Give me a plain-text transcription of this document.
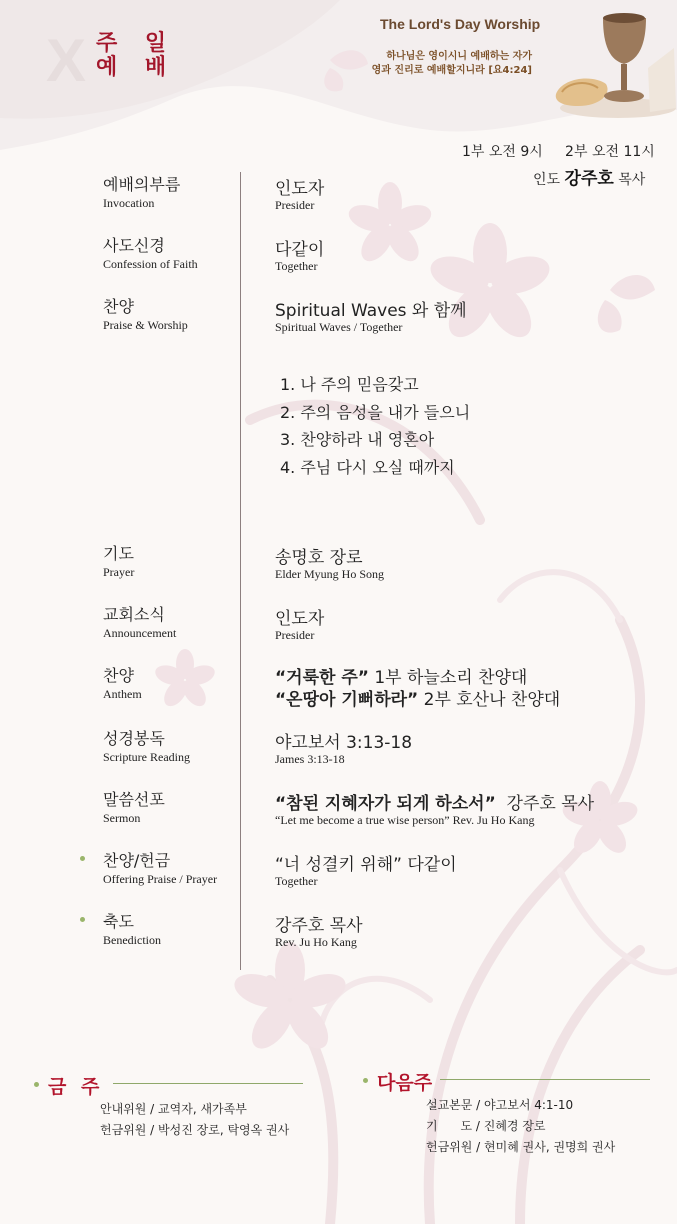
X 주 일
예 배
The Lord's Day Worship
하나님은 영이시니 예배하는 자가
영과 진리로 예배할지니라 [요4:24]
1부 오전 9시     2부 오전 11시
인도 강주호 목사
예배의부름
Invocation
인도자
Presider
사도신경
Confession of Faith
다같이
Together
찬양
Praise & Worship
Spiritual Waves 와 함께
Spiritual Waves / Together
1. 나 주의 믿음갖고
2. 주의 음성을 내가 들으니
3. 찬양하라 내 영혼아
4. 주님 다시 오실 때까지
기도
Prayer
송명호 장로
Elder Myung Ho Song
교회소식
Announcement
인도자
Presider
찬양
Anthem
“거룩한 주” 1부 하늘소리 찬양대
“온땅아 기뻐하라” 2부 호산나 찬양대
성경봉독
Scripture Reading
야고보서 3:13-18
James 3:13-18
말씀선포
Sermon
“참된 지혜자가 되게 하소서”  강주호 목사
“Let me become a true wise person” Rev. Ju Ho Kang
찬양/헌금
Offering Praise / Prayer
“너 성결키 위해” 다같이
Together
축도
Benediction
강주호 목사
Rev. Ju Ho Kang
금 주
안내위원 / 교역자, 새가족부
헌금위원 / 박성진 장로, 탁영옥 권사
다음주
설교본문 / 야고보서 4:1-10
기      도 / 진혜경 장로
헌금위원 / 현미혜 권사, 권명희 권사
